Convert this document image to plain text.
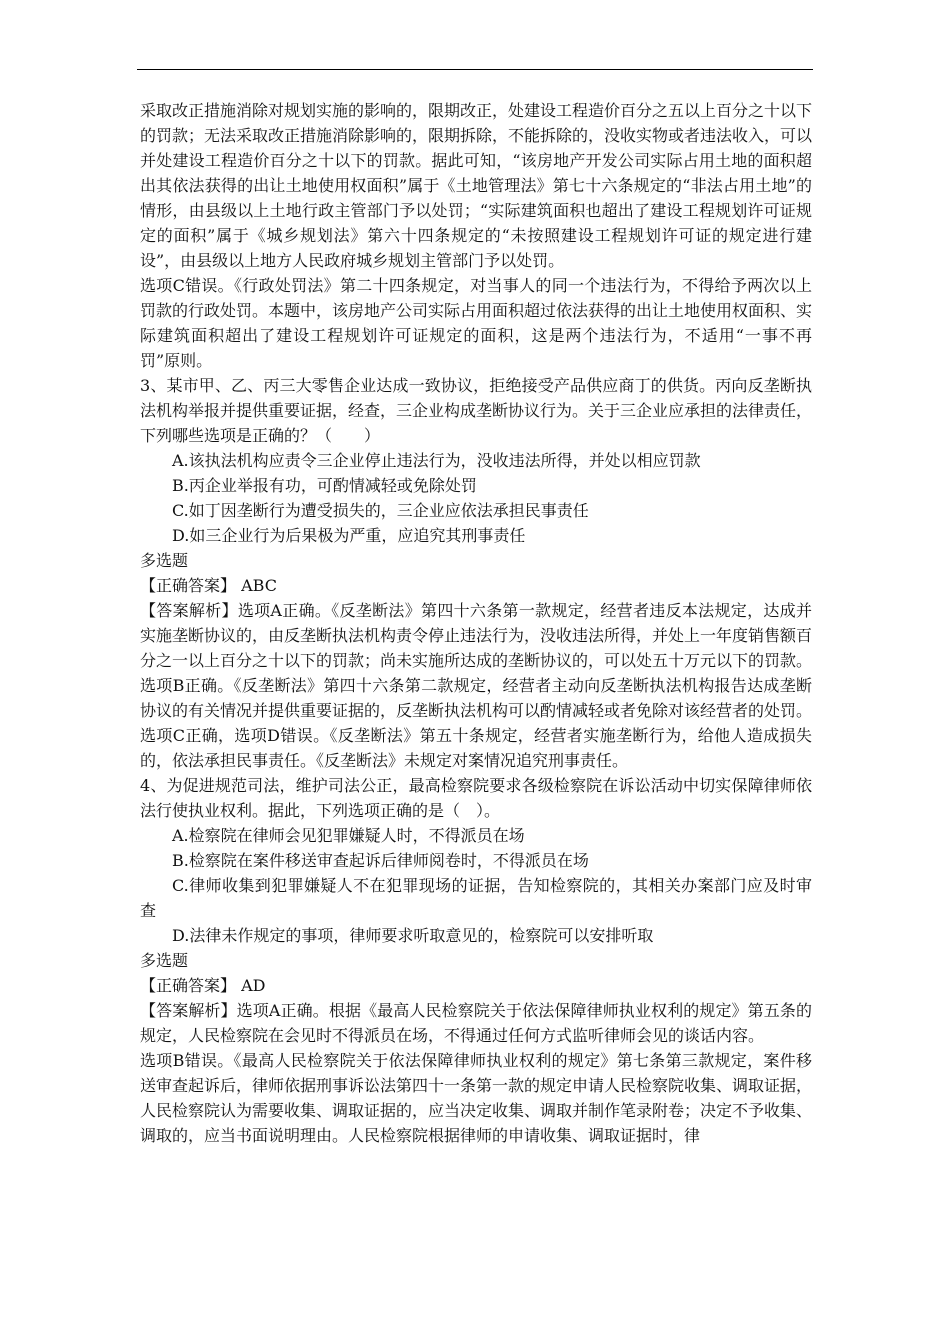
采取改正措施消除对规划实施的影响的，限期改正，处建设工程造价百分之五以上百分之十以下的罚款；无法采取改正措施消除影响的，限期拆除，不能拆除的，没收实物或者违法收入，可以并处建设工程造价百分之十以下的罚款。据此可知，“该房地产开发公司实际占用土地的面积超出其依法获得的出让土地使用权面积”属于《土地管理法》第七十六条规定的“非法占用土地”的情形，由县级以上土地行政主管部门予以处罚；“实际建筑面积也超出了建设工程规划许可证规定的面积”属于《城乡规划法》第六十四条规定的“未按照建设工程规划许可证的规定进行建设”，由县级以上地方人民政府城乡规划主管部门予以处罚。

选项C错误。《行政处罚法》第二十四条规定，对当事人的同一个违法行为，不得给予两次以上罚款的行政处罚。本题中，该房地产公司实际占用面积超过依法获得的出让土地使用权面积、实际建筑面积超出了建设工程规划许可证规定的面积，这是两个违法行为，不适用“一事不再罚”原则。

3、某市甲、乙、丙三大零售企业达成一致协议，拒绝接受产品供应商丁的供货。丙向反垄断执法机构举报并提供重要证据，经查，三企业构成垄断协议行为。关于三企业应承担的法律责任，下列哪些选项是正确的？（　　）

A.该执法机构应责令三企业停止违法行为，没收违法所得，并处以相应罚款

B.丙企业举报有功，可酌情减轻或免除处罚

C.如丁因垄断行为遭受损失的，三企业应依法承担民事责任

D.如三企业行为后果极为严重，应追究其刑事责任

多选题

【正确答案】 ABC

【答案解析】选项A正确。《反垄断法》第四十六条第一款规定，经营者违反本法规定，达成并实施垄断协议的，由反垄断执法机构责令停止违法行为，没收违法所得，并处上一年度销售额百分之一以上百分之十以下的罚款；尚未实施所达成的垄断协议的，可以处五十万元以下的罚款。

选项B正确。《反垄断法》第四十六条第二款规定，经营者主动向反垄断执法机构报告达成垄断协议的有关情况并提供重要证据的，反垄断执法机构可以酌情减轻或者免除对该经营者的处罚。

选项C正确，选项D错误。《反垄断法》第五十条规定，经营者实施垄断行为，给他人造成损失的，依法承担民事责任。《反垄断法》未规定对案情况追究刑事责任。

4、为促进规范司法，维护司法公正，最高检察院要求各级检察院在诉讼活动中切实保障律师依法行使执业权利。据此，下列选项正确的是（　）。

A.检察院在律师会见犯罪嫌疑人时，不得派员在场

B.检察院在案件移送审查起诉后律师阅卷时，不得派员在场

C.律师收集到犯罪嫌疑人不在犯罪现场的证据，告知检察院的，其相关办案部门应及时审查

D.法律未作规定的事项，律师要求听取意见的，检察院可以安排听取

多选题

【正确答案】 AD

【答案解析】选项A正确。根据《最高人民检察院关于依法保障律师执业权利的规定》第五条的规定，人民检察院在会见时不得派员在场，不得通过任何方式监听律师会见的谈话内容。

选项B错误。《最高人民检察院关于依法保障律师执业权利的规定》第七条第三款规定，案件移送审查起诉后，律师依据刑事诉讼法第四十一条第一款的规定申请人民检察院收集、调取证据，人民检察院认为需要收集、调取证据的，应当决定收集、调取并制作笔录附卷；决定不予收集、调取的，应当书面说明理由。人民检察院根据律师的申请收集、调取证据时，律
